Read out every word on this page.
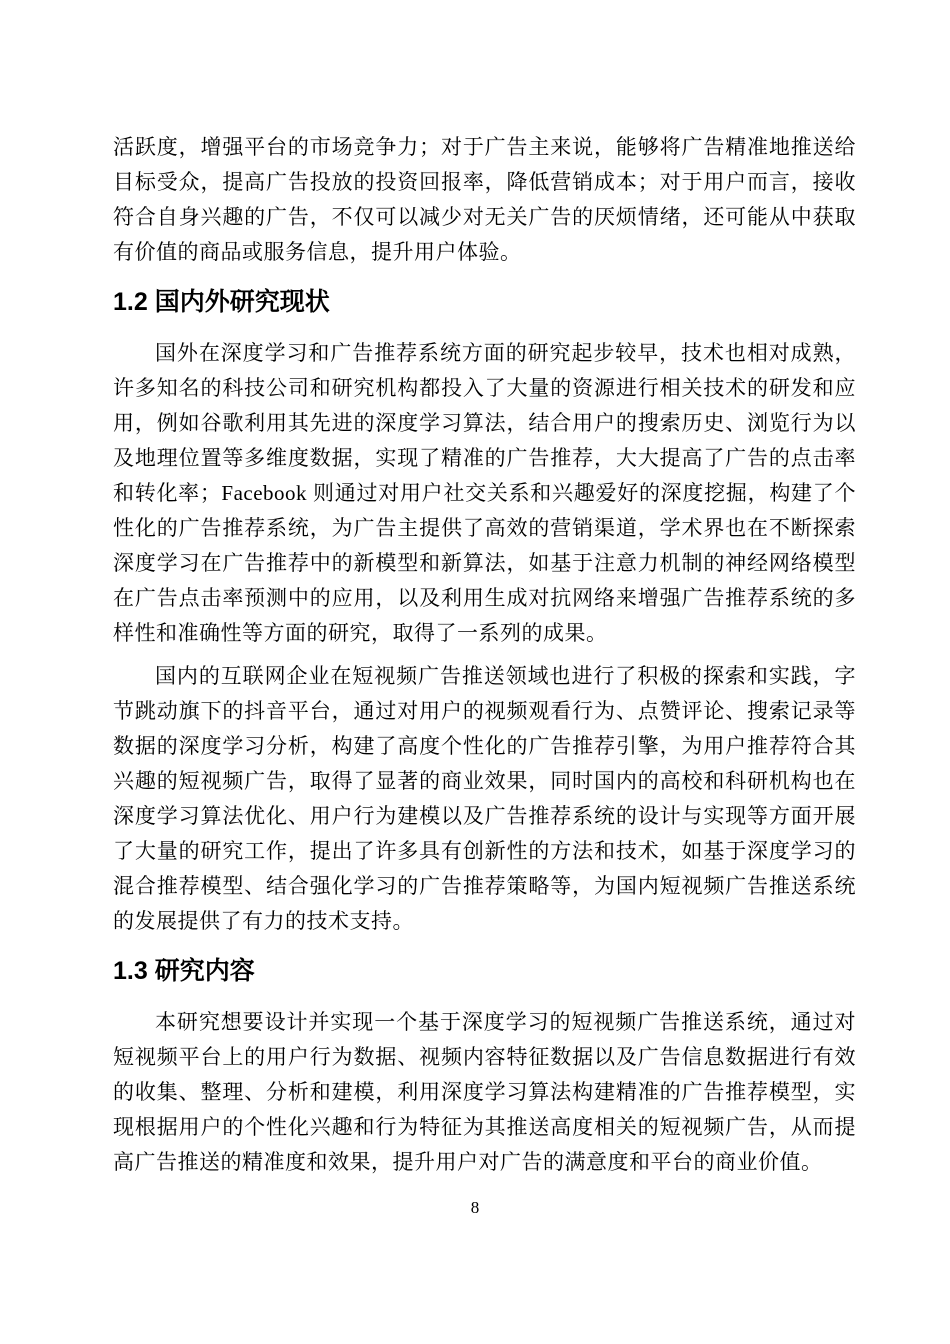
活跃度，增强平台的市场竞争力；对于广告主来说，能够将广告精准地推送给目标受众，提高广告投放的投资回报率，降低营销成本；对于用户而言，接收符合自身兴趣的广告，不仅可以减少对无关广告的厌烦情绪，还可能从中获取有价值的商品或服务信息，提升用户体验。

1.2 国内外研究现状

国外在深度学习和广告推荐系统方面的研究起步较早，技术也相对成熟，许多知名的科技公司和研究机构都投入了大量的资源进行相关技术的研发和应用，例如谷歌利用其先进的深度学习算法，结合用户的搜索历史、浏览行为以及地理位置等多维度数据，实现了精准的广告推荐，大大提高了广告的点击率和转化率；Facebook 则通过对用户社交关系和兴趣爱好的深度挖掘，构建了个性化的广告推荐系统，为广告主提供了高效的营销渠道，学术界也在不断探索深度学习在广告推荐中的新模型和新算法，如基于注意力机制的神经网络模型在广告点击率预测中的应用，以及利用生成对抗网络来增强广告推荐系统的多样性和准确性等方面的研究，取得了一系列的成果。

国内的互联网企业在短视频广告推送领域也进行了积极的探索和实践，字节跳动旗下的抖音平台，通过对用户的视频观看行为、点赞评论、搜索记录等数据的深度学习分析，构建了高度个性化的广告推荐引擎，为用户推荐符合其兴趣的短视频广告，取得了显著的商业效果，同时国内的高校和科研机构也在深度学习算法优化、用户行为建模以及广告推荐系统的设计与实现等方面开展了大量的研究工作，提出了许多具有创新性的方法和技术，如基于深度学习的混合推荐模型、结合强化学习的广告推荐策略等，为国内短视频广告推送系统的发展提供了有力的技术支持。

1.3 研究内容

本研究想要设计并实现一个基于深度学习的短视频广告推送系统，通过对短视频平台上的用户行为数据、视频内容特征数据以及广告信息数据进行有效的收集、整理、分析和建模，利用深度学习算法构建精准的广告推荐模型，实现根据用户的个性化兴趣和行为特征为其推送高度相关的短视频广告，从而提高广告推送的精准度和效果，提升用户对广告的满意度和平台的商业价值。

8
